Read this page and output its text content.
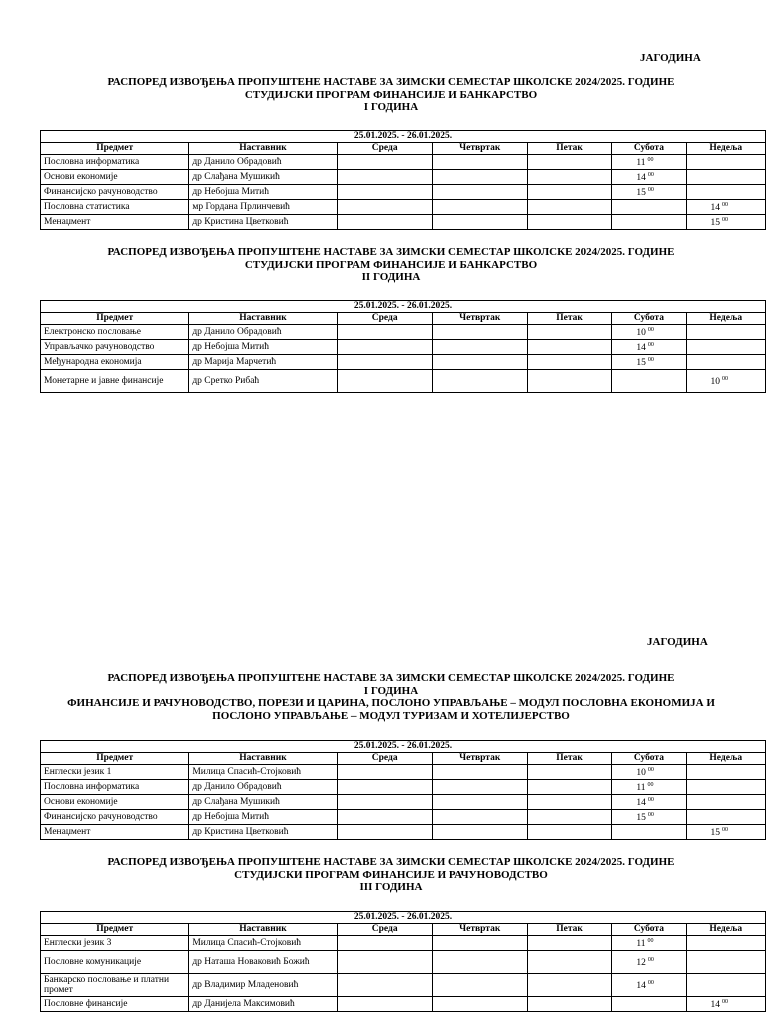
ЈАГОДИНА
ЈАГОДИНА
РАСПОРЕД ИЗВОЂЕЊА ПРОПУШТЕНЕ НАСТАВЕ ЗА ЗИМСКИ СЕМЕСТАР ШКОЛСКЕ 2024/2025. ГОДИНЕ
СТУДИЈСКИ ПРОГРАМ ФИНАНСИЈЕ И БАНКАРСТВО
I ГОДИНА
25.01.2025. - 26.01.2025.						
Предмет	Наставник	Среда	Четвртак	Петак	Субота	Недеља
Пословна информатика	др Данило Обрадовић				11 $^{00}$	
Основи економије	др Слађана Мушикић				14 $^{00}$	
Финансијско рачуноводство	др Небојша Митић				15 $^{00}$	
Пословна статистика	мр Гордана Прлинчевић					14 $^{00}$
Менаџмент	др Кристина Цветковић					15 $^{00}$
РАСПОРЕД ИЗВОЂЕЊА ПРОПУШТЕНЕ НАСТАВЕ ЗА ЗИМСКИ СЕМЕСТАР ШКОЛСКЕ 2024/2025. ГОДИНЕ
СТУДИЈСКИ ПРОГРАМ ФИНАНСИЈЕ И БАНКАРСТВО
II ГОДИНА
25.01.2025. - 26.01.2025.						
Предмет	Наставник	Среда	Четвртак	Петак	Субота	Недеља
Електронско пословање	др Данило Обрадовић				10 $^{00}$	
Управљачко рачуноводство	др Небојша Митић				14 $^{00}$	
Међународна економија	др Марија Марчетић				15 $^{00}$	
Монетарне и јавне финансије	др Сретко Рибаћ					10 $^{00}$
РАСПОРЕД ИЗВОЂЕЊА ПРОПУШТЕНЕ НАСТАВЕ ЗА ЗИМСКИ СЕМЕСТАР ШКОЛСКЕ 2024/2025. ГОДИНЕ
I ГОДИНА
ФИНАНСИЈЕ И РАЧУНОВОДСТВО, ПОРЕЗИ И ЦАРИНА, ПОСЛОНО УПРАВЉАЊЕ – МОДУЛ ПОСЛОВНА ЕКОНОМИЈА И
ПОСЛОНО УПРАВЉАЊЕ – МОДУЛ ТУРИЗАМ И ХОТЕЛИЈЕРСТВО
25.01.2025. - 26.01.2025.						
Предмет	Наставник	Среда	Четвртак	Петак	Субота	Недеља
Енглески језик 1	Милица Спасић-Стојковић				10 $^{00}$	
Пословна информатика	др Данило Обрадовић				11 $^{00}$	
Основи економије	др Слађана Мушикић				14 $^{00}$	
Финансијско рачуноводство	др Небојша Митић				15 $^{00}$	
Менаџмент	др Кристина Цветковић					15 $^{00}$
РАСПОРЕД ИЗВОЂЕЊА ПРОПУШТЕНЕ НАСТАВЕ ЗА ЗИМСКИ СЕМЕСТАР ШКОЛСКЕ 2024/2025. ГОДИНЕ
СТУДИЈСКИ ПРОГРАМ ФИНАНСИЈЕ И РАЧУНОВОДСТВО
III ГОДИНА
25.01.2025. - 26.01.2025.						
Предмет	Наставник	Среда	Четвртак	Петак	Субота	Недеља
Енглески језик 3	Милица Спасић-Стојковић				11 $^{00}$	
Пословне комуникације	др Наташа Новаковић Божић				12 $^{00}$	
Банкарско пословање и платни промет	др Владимир Младеновић				14 $^{00}$	
Пословне финансије	др Данијела Максимовић					14 $^{00}$
